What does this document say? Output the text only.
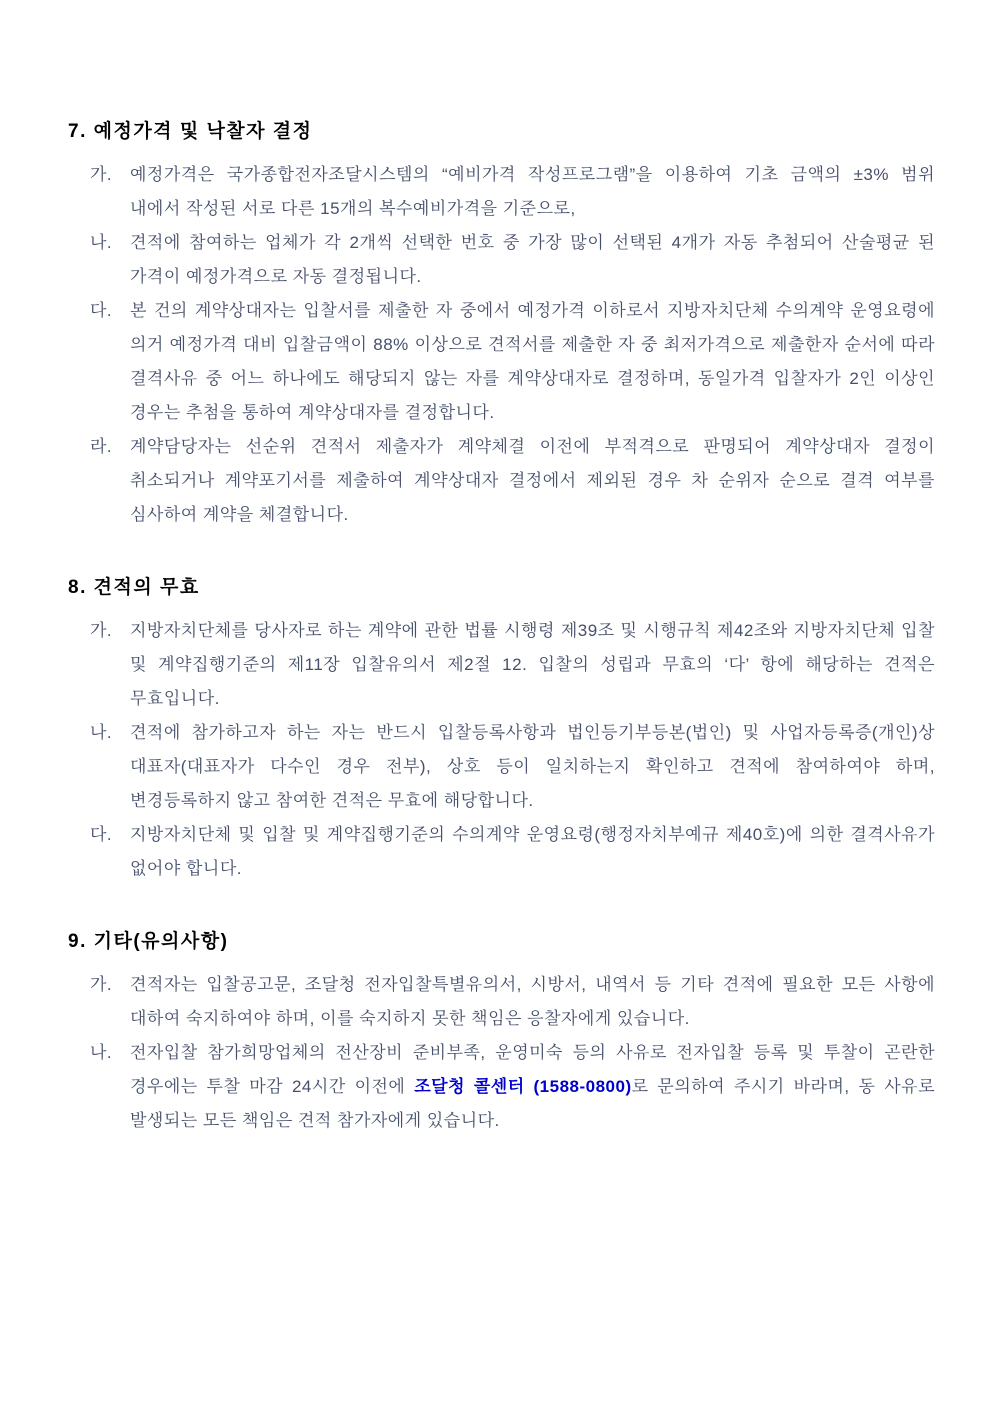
7. 예정가격 및 낙찰자 결정
가.	예정가격은 국가종합전자조달시스템의 “예비가격 작성프로그램”을 이용하여 기초 금액의 ±3% 범위 내에서 작성된 서로 다른 15개의 복수예비가격을 기준으로,

나.	견적에 참여하는 업체가 각 2개씩 선택한 번호 중 가장 많이 선택된 4개가 자동 추첨되어 산술평균 된 가격이 예정가격으로 자동 결정됩니다.

다.	본 건의 계약상대자는 입찰서를 제출한 자 중에서 예정가격 이하로서 지방자치단체 수의계약 운영요령에 의거 예정가격 대비 입찰금액이 88% 이상으로 견적서를 제출한 자 중 최저가격으로 제출한자 순서에 따라 결격사유 중 어느 하나에도 해당되지 않는 자를 계약상대자로 결정하며, 동일가격 입찰자가 2인 이상인 경우는 추첨을 통하여 계약상대자를 결정합니다.

라.	계약담당자는 선순위 견적서 제출자가 계약체결 이전에 부적격으로 판명되어 계약상대자 결정이 취소되거나 계약포기서를 제출하여 계약상대자 결정에서 제외된 경우 차 순위자 순으로 결격 여부를 심사하여 계약을 체결합니다.

8. 견적의 무효
가.	지방자치단체를 당사자로 하는 계약에 관한 법률 시행령 제39조 및 시행규칙 제42조와 지방자치단체 입찰 및 계약집행기준의 제11장 입찰유의서 제2절 12. 입찰의 성립과 무효의 ‘다’ 항에 해당하는 견적은 무효입니다.

나.	견적에 참가하고자 하는 자는 반드시 입찰등록사항과 법인등기부등본(법인) 및 사업자등록증(개인)상 대표자(대표자가 다수인 경우 전부), 상호 등이 일치하는지 확인하고 견적에 참여하여야 하며, 변경등록하지 않고 참여한 견적은 무효에 해당합니다.

다.	지방자치단체 및 입찰 및 계약집행기준의 수의계약 운영요령(행정자치부예규 제40호)에 의한 결격사유가 없어야 합니다.

9. 기타(유의사항)
가.	견적자는 입찰공고문, 조달청 전자입찰특별유의서, 시방서, 내역서 등 기타 견적에 필요한 모든 사항에 대하여 숙지하여야 하며, 이를 숙지하지 못한 책임은 응찰자에게 있습니다.

나.	전자입찰 참가희망업체의 전산장비 준비부족, 운영미숙 등의 사유로 전자입찰 등록 및 투찰이 곤란한 경우에는 투찰 마감 24시간 이전에 조달청 콜센터 (1588-0800)로 문의하여 주시기 바라며, 동 사유로 발생되는 모든 책임은 견적 참가자에게 있습니다.
